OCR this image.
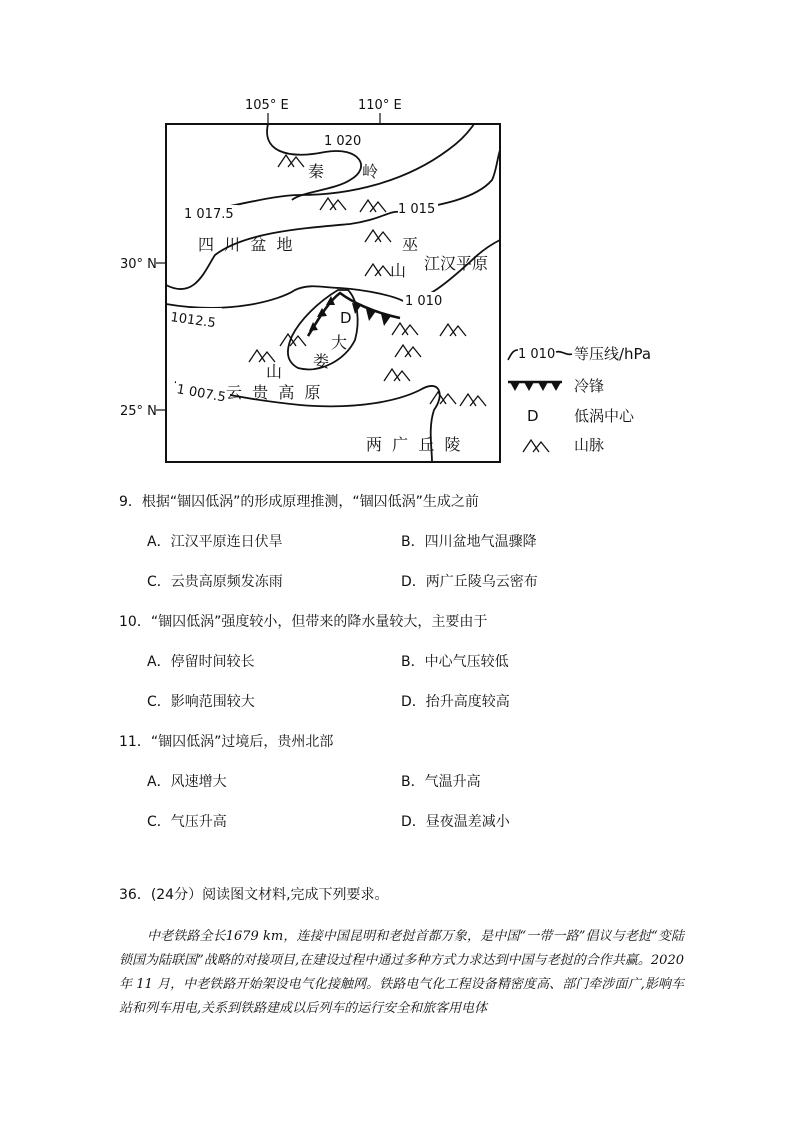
105° E	110° E
30° N
25° N
1 020
1 017.5	1 015
1012.5
1 010
1 007.5
秦 岭
四  川  盆  地	巫
山 江汉平原
D
大
娄
山
云  贵  高  原
两  广  丘  陵
1 010 等压线/hPa
冷锋
D 低涡中心
山脉
9．根据“锢囚低涡”的形成原理推测，“锢囚低涡”生成之前
A．江汉平原连日伏旱	B．四川盆地气温骤降
C．云贵高原频发冻雨	D．两广丘陵乌云密布
10．“锢囚低涡”强度较小，但带来的降水量较大，主要由于
A．停留时间较长	B．中心气压较低
C．影响范围较大	D．抬升高度较高
11．“锢囚低涡”过境后，贵州北部
A．风速增大	B．气温升高
C．气压升高	D．昼夜温差减小
36．(24分）阅读图文材料,完成下列要求。

中老铁路全长1679 km，连接中国昆明和老挝首都万象，是中国“一带一路”倡议与老挝“变陆锁国为陆联国”战略的对接项目,在建设过程中通过多种方式力求达到中国与老挝的合作共赢。2020 年 11 月，中老铁路开始架设电气化接触网。铁路电气化工程设备精密度高、部门牵涉面广,影响车站和列车用电,关系到铁路建成以后列车的运行安全和旅客用电体
